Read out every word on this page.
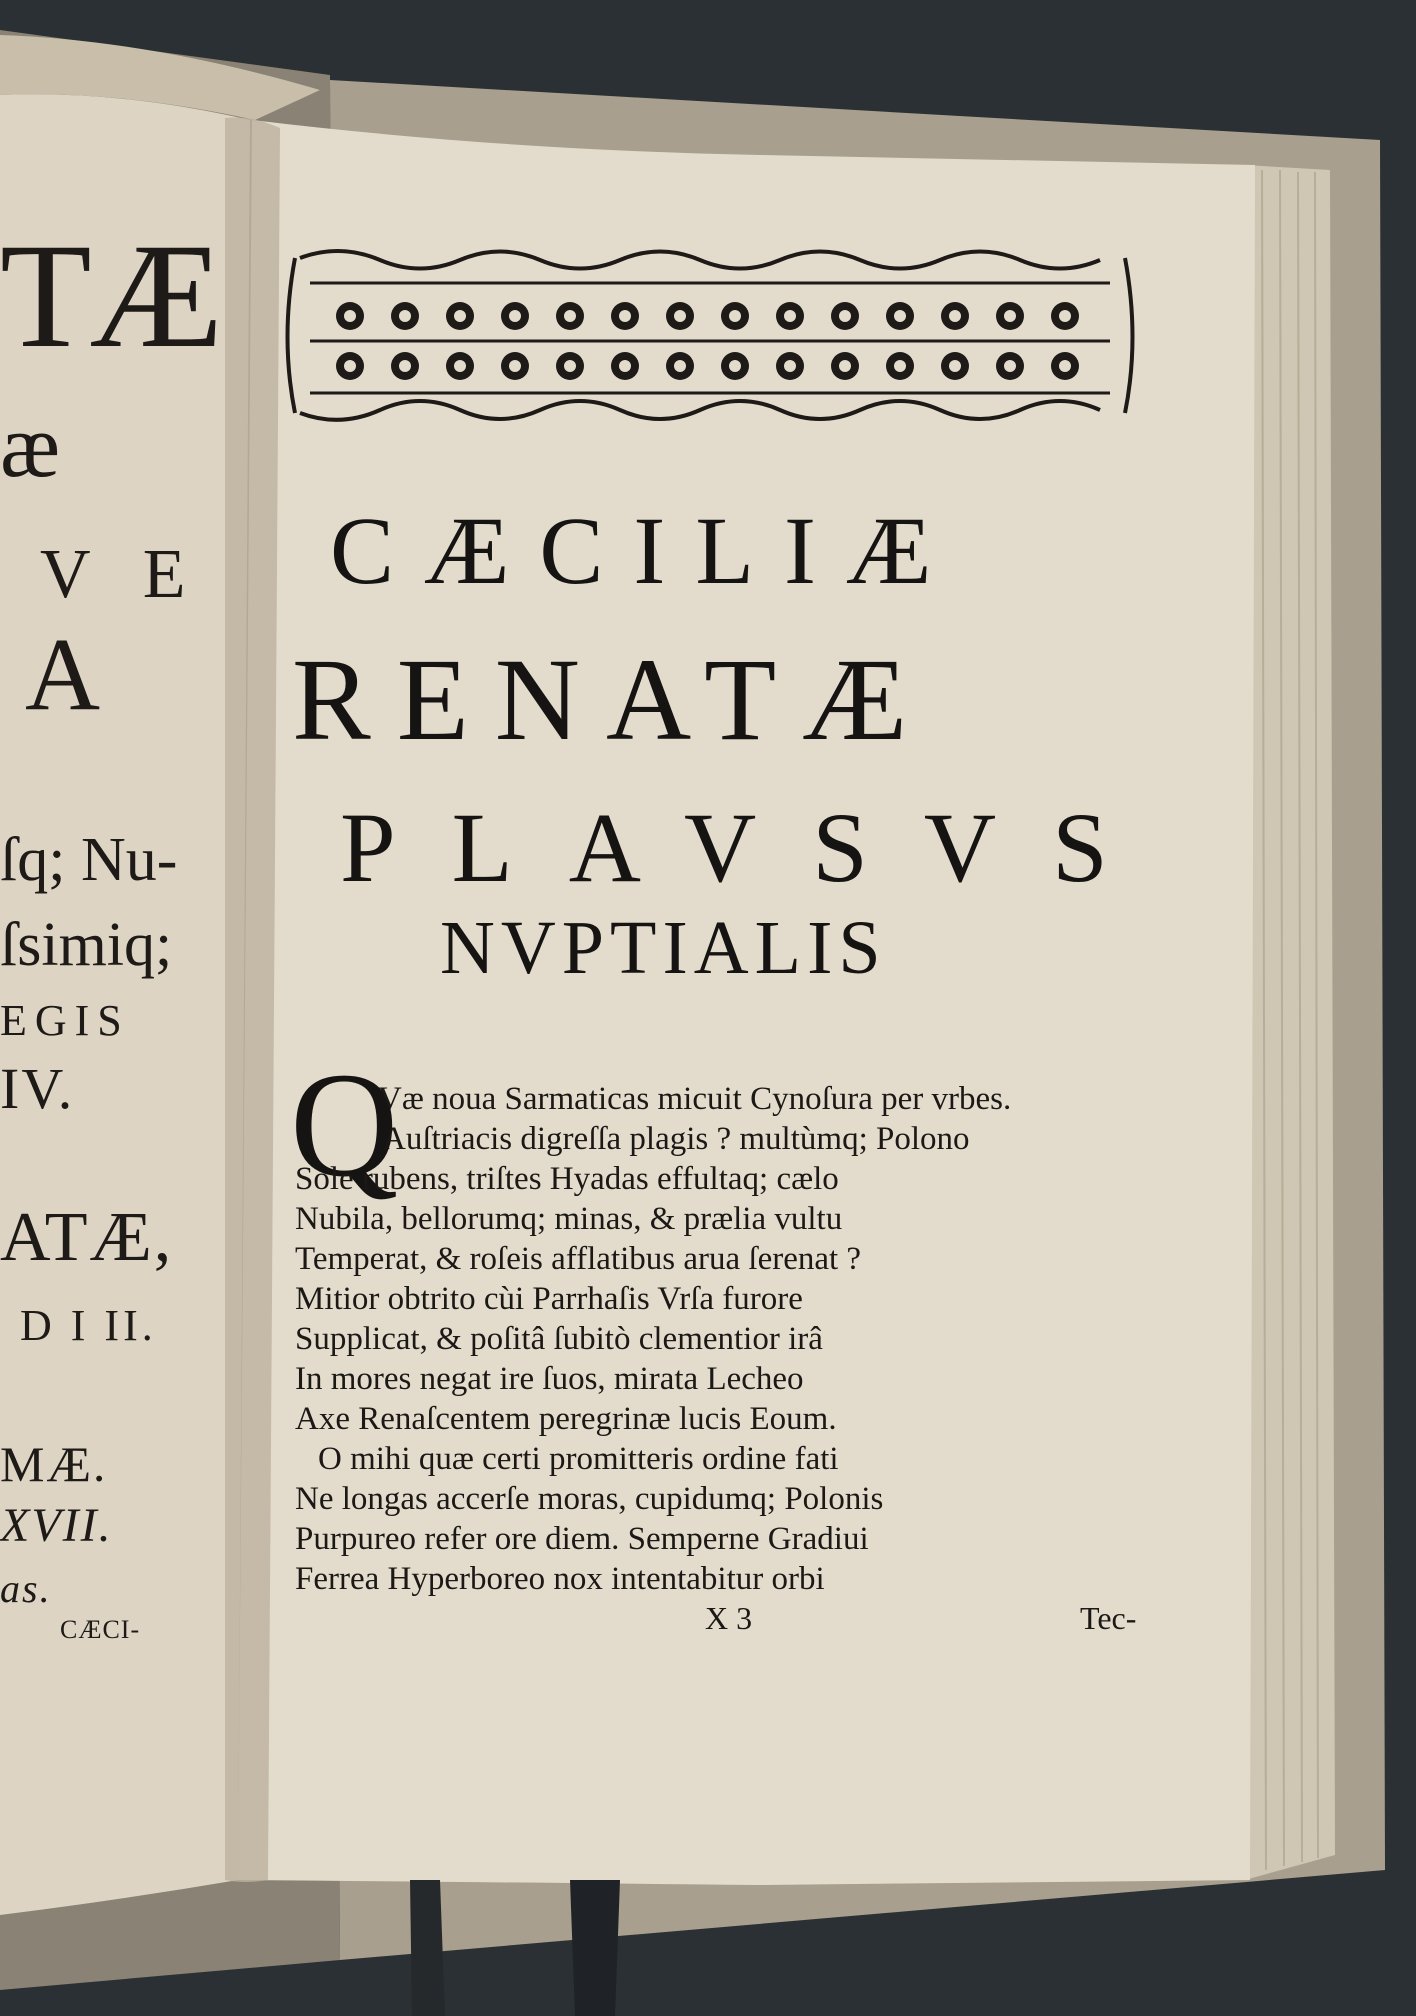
TÆ
æ
V E
A
ſq; Nu-
ſsimiq;
EGIS
IV.
ATÆ,
D I II.
MÆ.
XVII.
as.
CÆCI-
CÆCILIÆ
RENATÆ
PLAVSVS
NVPTIALIS
Q
Væ noua Sarmaticas micuit Cynoſura per vrbes.
Auſtriacis digreſſa plagis ? multùmq; Polono
Sole rubens, triſtes Hyadas effultaq; cælo
Nubila, bellorumq; minas, & prælia vultu
Temperat, & roſeis afflatibus arua ſerenat ?
Mitior obtrito cùi Parrhaſis Vrſa furore
Supplicat, & poſitâ ſubitò clementior irâ
In mores negat ire ſuos, mirata Lecheo
Axe Renaſcentem peregrinæ lucis Eoum.
O mihi quæ certi promitteris ordine fati
Ne longas accerſe moras, cupidumq; Polonis
Purpureo refer ore diem. Semperne Gradiui
Ferrea Hyperboreo nox intentabitur orbi
X 3	Tec-
